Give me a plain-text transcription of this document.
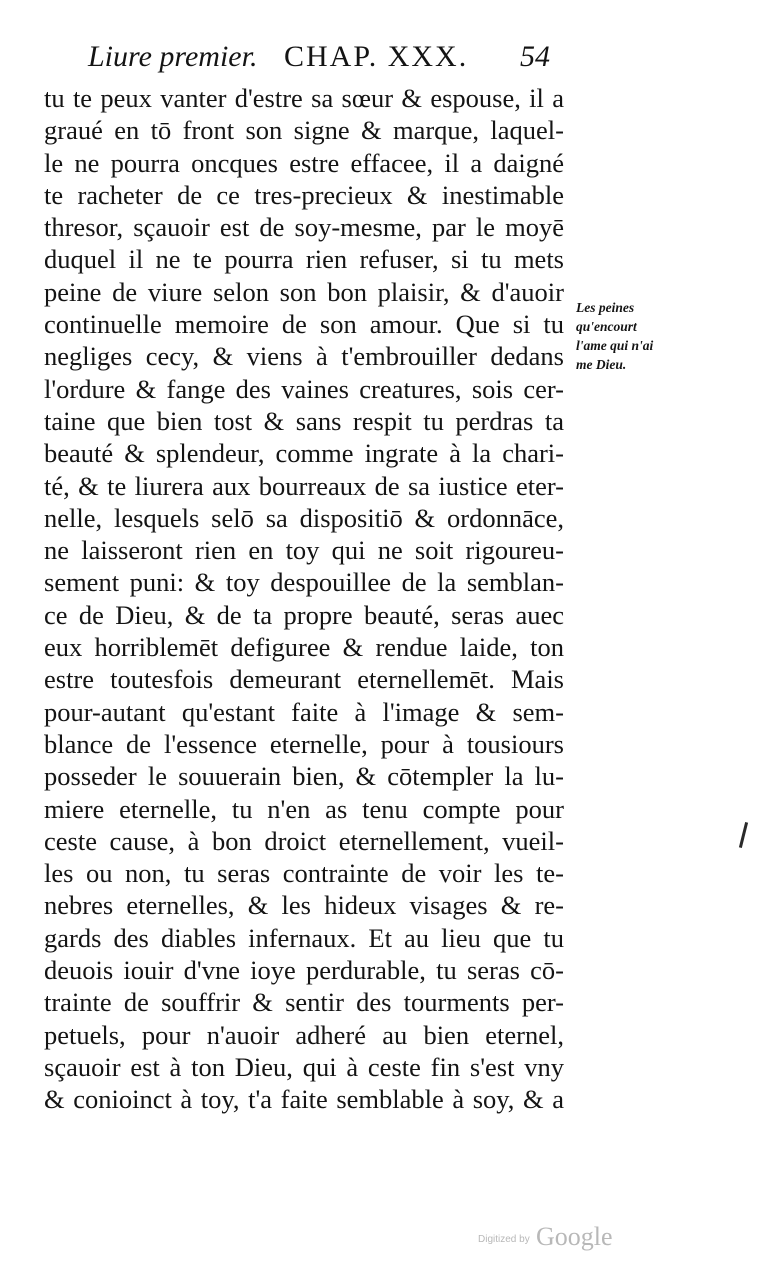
Liure premier. CHAP. XXX. 54
tu te peux vanter d'estre sa sœur & espouse, il a
graué en tō front son signe & marque, laquel-
le ne pourra oncques estre effacee, il a daigné
te racheter de ce tres-precieux & inestimable
thresor, sçauoir est de soy-mesme, par le moyē
duquel il ne te pourra rien refuser, si tu mets
peine de viure selon son bon plaisir, & d'auoir
continuelle memoire de son amour. Que si tu
negliges cecy, & viens à t'embrouiller dedans
l'ordure & fange des vaines creatures, sois cer-
taine que bien tost & sans respit tu perdras ta
beauté & splendeur, comme ingrate à la chari-
té, & te liurera aux bourreaux de sa iustice eter-
nelle, lesquels selō sa dispositiō & ordonnāce,
ne laisseront rien en toy qui ne soit rigoureu-
sement puni: & toy despouillee de la semblan-
ce de Dieu, & de ta propre beauté, seras auec
eux horriblemēt defiguree & rendue laide, ton
estre toutesfois demeurant eternellemēt. Mais
pour-autant qu'estant faite à l'image & sem-
blance de l'essence eternelle, pour à tousiours
posseder le souuerain bien, & cōtempler la lu-
miere eternelle, tu n'en as tenu compte pour
ceste cause, à bon droict eternellement, vueil-
les ou non, tu seras contrainte de voir les te-
nebres eternelles, & les hideux visages & re-
gards des diables infernaux. Et au lieu que tu
deuois iouir d'vne ioye perdurable, tu seras cō-
trainte de souffrir & sentir des tourments per-
petuels, pour n'auoir adheré au bien eternel,
sçauoir est à ton Dieu, qui à ceste fin s'est vny
& conioinct à toy, t'a faite semblable à soy, & a
Les peines
qu'encourt
l'ame qui n'ai
me Dieu.
Digitized by Google
